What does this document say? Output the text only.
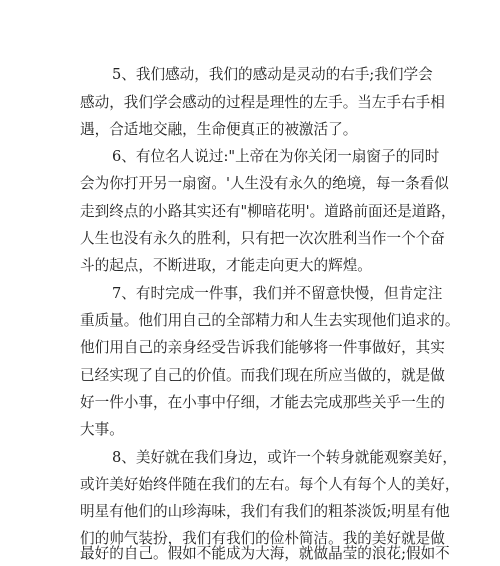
5、我们感动，我们的感动是灵动的右手;我们学会
感动，我们学会感动的过程是理性的左手。当左手右手相
遇，合适地交融，生命便真正的被激活了。
6、有位名人说过:"上帝在为你关闭一扇窗子的同时
会为你打开另一扇窗。'人生没有永久的绝境，每一条看似
走到终点的小路其实还有"柳暗花明'。道路前面还是道路，
人生也没有永久的胜利，只有把一次次胜利当作一个个奋
斗的起点，不断进取，才能走向更大的辉煌。
7、有时完成一件事，我们并不留意快慢，但肯定注
重质量。他们用自己的全部精力和人生去实现他们追求的。
他们用自己的亲身经受告诉我们能够将一件事做好，其实
已经实现了自己的价值。而我们现在所应当做的，就是做
好一件小事，在小事中仔细，才能去完成那些关乎一生的
大事。
8、美好就在我们身边，或许一个转身就能观察美好，
或许美好始终伴随在我们的左右。每个人有每个人的美好，
明星有他们的山珍海味，我们有我们的粗茶淡饭;明星有他
们的帅气装扮，我们有我们的俭朴简洁。我的美好就是做
最好的自己。假如不能成为大海，就做晶莹的浪花;假如不
